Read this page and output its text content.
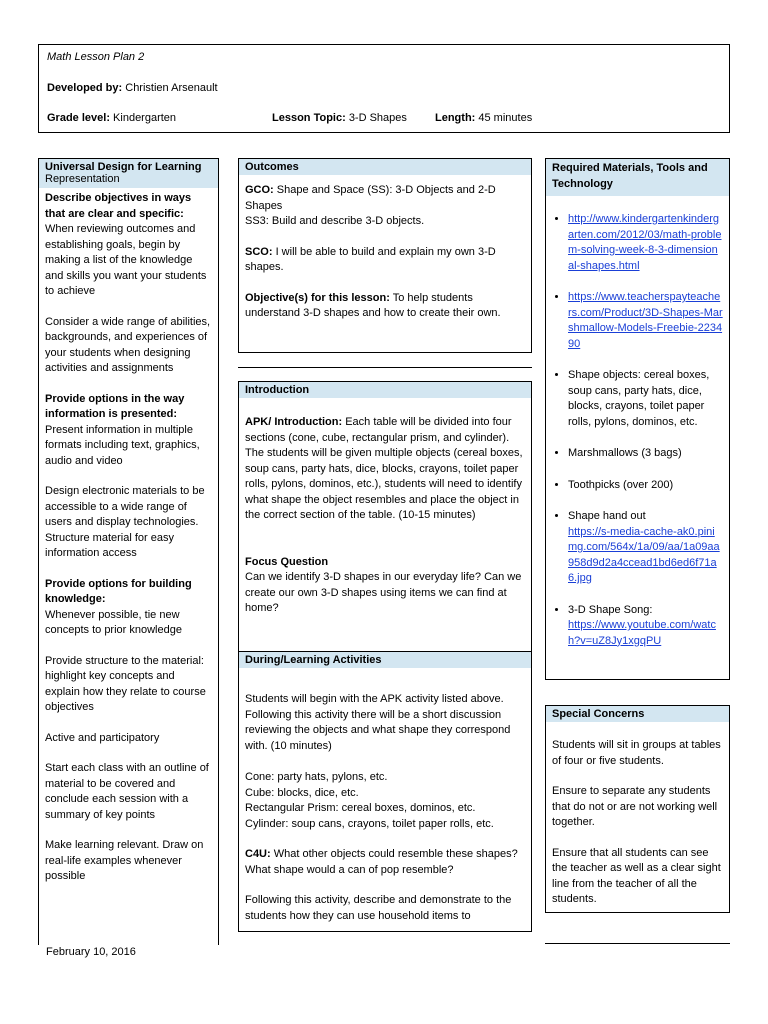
Math Lesson Plan 2
Developed by: Christien Arsenault
Grade level: Kindergarten	Lesson Topic: 3-D Shapes	Length: 45 minutes
Universal Design for Learning
Representation

Describe objectives in ways that are clear and specific:
When reviewing outcomes and establishing goals, begin by making a list of the knowledge and skills you want your students to achieve

Consider a wide range of abilities, backgrounds, and experiences of your students when designing activities and assignments

Provide options in the way information is presented:
Present information in multiple formats including text, graphics, audio and video

Design electronic materials to be accessible to a wide range of users and display technologies. Structure material for easy information access

Provide options for building knowledge:
Whenever possible, tie new concepts to prior knowledge

Provide structure to the material: highlight key concepts and explain how they relate to course objectives

Active and participatory

Start each class with an outline of material to be covered and conclude each session with a summary of key points

Make learning relevant. Draw on real-life examples whenever possible

Outcomes

GCO: Shape and Space (SS): 3-D Objects and 2-D Shapes

SS3: Build and describe 3-D objects.

SCO: I will be able to build and explain my own 3-D shapes.

Objective(s) for this lesson: To help students understand 3-D shapes and how to create their own.

Introduction

APK/ Introduction: Each table will be divided into four sections (cone, cube, rectangular prism, and cylinder). The students will be given multiple objects (cereal boxes, soup cans, party hats, dice, blocks, crayons, toilet paper rolls, pylons, dominos, etc.), students will need to identify what shape the object resembles and place the object in the correct section of the table. (10-15 minutes)

Focus Question

Can we identify 3-D shapes in our everyday life? Can we create our own 3-D shapes using items we can find at home?

During/Learning Activities

Students will begin with the APK activity listed above. Following this activity there will be a short discussion reviewing the objects and what shape they correspond with. (10 minutes)

Cone: party hats, pylons, etc.

Cube: blocks, dice, etc.

Rectangular Prism: cereal boxes, dominos, etc.

Cylinder: soup cans, crayons, toilet paper rolls, etc.

C4U: What other objects could resemble these shapes? What shape would a can of pop resemble?

Following this activity, describe and demonstrate to the students how they can use household items to

Required Materials, Tools and Technology
• http://www.kindergartenkindergarten.com/2012/03/math-problem-solving-week-8-3-dimensional-shapes.html
• https://www.teacherspayteachers.com/Product/3D-Shapes-Marshmallow-Models-Freebie-223490
• Shape objects: cereal boxes, soup cans, party hats, dice, blocks, crayons, toilet paper rolls, pylons, dominos, etc.
• Marshmallows (3 bags)
• Toothpicks (over 200)
• Shape hand out
https://s-media-cache-ak0.pinimg.com/564x/1a/09/aa/1a09aa958d9d2a4ccead1bd6ed6f71a6.jpg
• 3-D Shape Song:
https://www.youtube.com/watch?v=uZ8Jy1xgqPU
Special Concerns

Students will sit in groups at tables of four or five students.

Ensure to separate any students that do not or are not working well together.

Ensure that all students can see the teacher as well as a clear sight line from the teacher of all the students.

February 10, 2016
